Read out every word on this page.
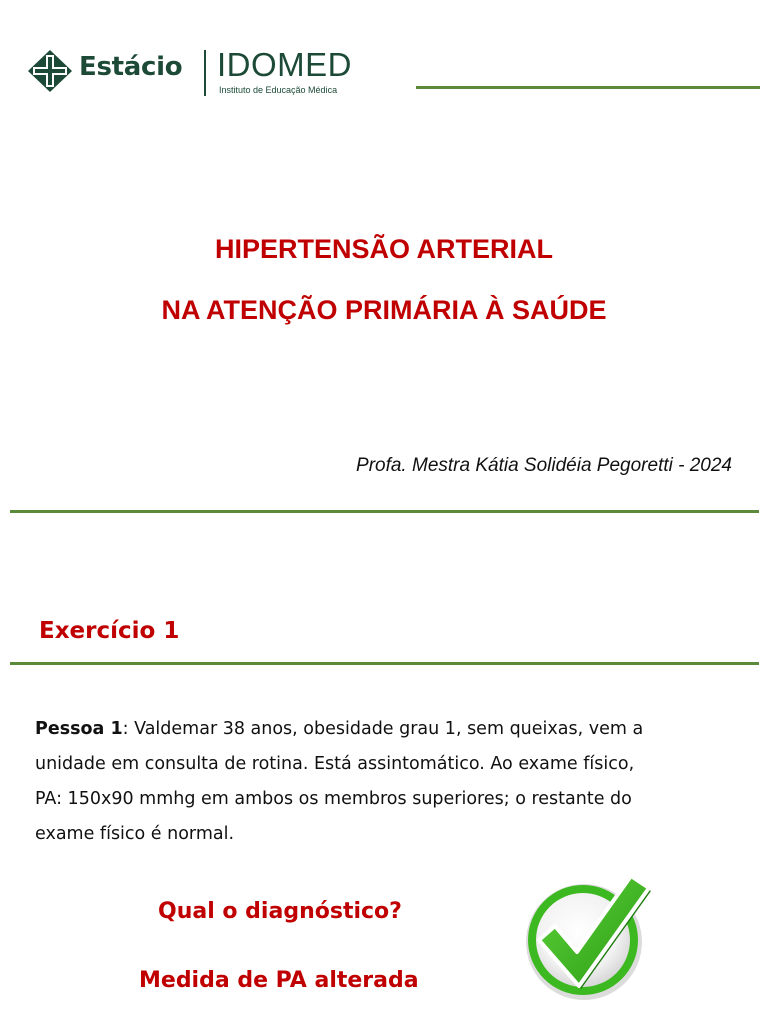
Estácio IDOMED
Instituto de Educação Médica
HIPERTENSÃO ARTERIAL
NA ATENÇÃO PRIMÁRIA À SAÚDE
Profa. Mestra Kátia Solidéia Pegoretti - 2024
Exercício 1
Pessoa 1: Valdemar 38 anos, obesidade grau 1, sem queixas, vem a
unidade em consulta de rotina. Está assintomático. Ao exame físico,
PA: 150x90 mmhg em ambos os membros superiores; o restante do
exame físico é normal.
Qual o diagnóstico?
Medida de PA alterada
